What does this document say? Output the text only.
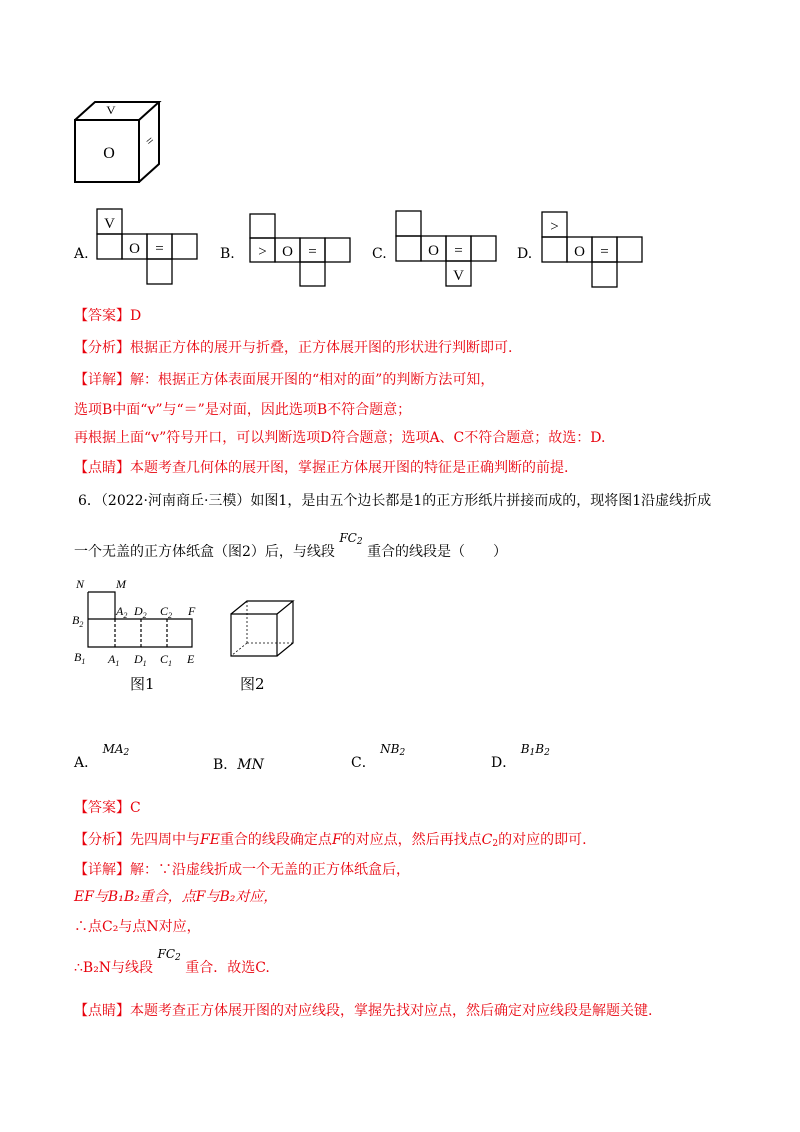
V
O
=
A.
V
O =	B. > O =	C.	O =
V
D.
>
O =
【答案】D
【分析】根据正方体的展开与折叠，正方体展开图的形状进行判断即可.
【详解】解：根据正方体表面展开图的“相对的面”的判断方法可知，
选项B中面“v”与“＝”是对面，因此选项B不符合题意；
再根据上面“v”符号开口，可以判断选项D符合题意；选项A、C不符合题意；故选：D.
【点睛】本题考查几何体的展开图，掌握正方体展开图的特征是正确判断的前提.
6．（2022·河南商丘·三模）如图1，是由五个边长都是1的正方形纸片拼接而成的，现将图1沿虚线折成
一个无盖的正方体纸盒（图2）后，与线段 $FC_2$ 重合的线段是（　　）
N	M
$A_2$ $D_2$ $C_2$ F
$B_2$
$B_1$ $A_1$ $D_1$ $C_1$ E
图1	图2
A． $MA_2$
B．MN	C． $NB_2$
D． $B_1B_2$
【答案】C
【分析】先四周中与FE重合的线段确定点F的对应点，然后再找点$C_2$的对应的即可.
【详解】解：∵沿虚线折成一个无盖的正方体纸盒后，
EF与B₁B₂重合，点F与B₂对应，
∴点C₂与点N对应，
∴B₂N与线段 $FC_2$ 重合．故选C.
【点睛】本题考查正方体展开图的对应线段，掌握先找对应点，然后确定对应线段是解题关键.
